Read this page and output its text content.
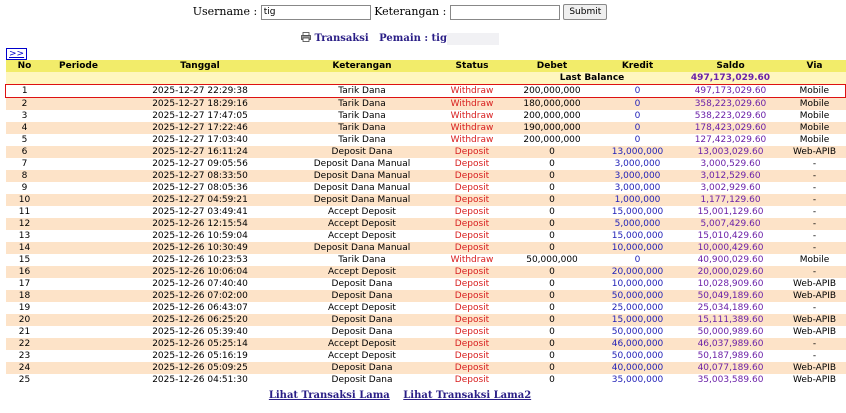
Username : tig	Keterangan :	Submit
Transaksi Pemain : tig
>>
No	Periode	Tanggal	Keterangan	Status	Debet	Kredit	Saldo	Via
					Last Balance		497,173,029.60	
1		2025-12-27 22:29:38	Tarik Dana	Withdraw	200,000,000	0	497,173,029.60	Mobile
2		2025-12-27 18:29:16	Tarik Dana	Withdraw	180,000,000	0	358,223,029.60	Mobile
3		2025-12-27 17:47:05	Tarik Dana	Withdraw	200,000,000	0	538,223,029.60	Mobile
4		2025-12-27 17:22:46	Tarik Dana	Withdraw	190,000,000	0	178,423,029.60	Mobile
5		2025-12-27 17:03:40	Tarik Dana	Withdraw	200,000,000	0	127,423,029.60	Mobile
6		2025-12-27 16:11:24	Deposit Dana	Deposit	0	13,000,000	13,003,029.60	Web-APIB
7		2025-12-27 09:05:56	Deposit Dana Manual	Deposit	0	3,000,000	3,000,529.60	-
8		2025-12-27 08:33:50	Deposit Dana Manual	Deposit	0	3,000,000	3,012,529.60	-
9		2025-12-27 08:05:36	Deposit Dana Manual	Deposit	0	3,000,000	3,002,929.60	-
10		2025-12-27 04:59:21	Deposit Dana Manual	Deposit	0	1,000,000	1,177,129.60	-
11		2025-12-27 03:49:41	Accept Deposit	Deposit	0	15,000,000	15,001,129.60	-
12		2025-12-26 12:15:54	Accept Deposit	Deposit	0	5,000,000	5,007,429.60	-
13		2025-12-26 10:59:04	Accept Deposit	Deposit	0	15,000,000	15,010,429.60	-
14		2025-12-26 10:30:49	Deposit Dana Manual	Deposit	0	10,000,000	10,000,429.60	-
15		2025-12-26 10:23:53	Tarik Dana	Withdraw	50,000,000	0	40,900,029.60	Mobile
16		2025-12-26 10:06:04	Accept Deposit	Deposit	0	20,000,000	20,000,029.60	-
17		2025-12-26 07:40:40	Deposit Dana	Deposit	0	10,000,000	10,028,909.60	Web-APIB
18		2025-12-26 07:02:00	Deposit Dana	Deposit	0	50,000,000	50,049,189.60	Web-APIB
19		2025-12-26 06:43:07	Accept Deposit	Deposit	0	25,000,000	25,034,189.60	-
20		2025-12-26 06:25:20	Deposit Dana	Deposit	0	15,000,000	15,111,389.60	Web-APIB
21		2025-12-26 05:39:40	Deposit Dana	Deposit	0	50,000,000	50,000,989.60	Web-APIB
22		2025-12-26 05:25:14	Accept Deposit	Deposit	0	46,000,000	46,037,989.60	-
23		2025-12-26 05:16:19	Accept Deposit	Deposit	0	50,000,000	50,187,989.60	-
24		2025-12-26 05:09:25	Deposit Dana	Deposit	0	40,000,000	40,077,189.60	Web-APIB
25		2025-12-26 04:51:30	Deposit Dana	Deposit	0	35,000,000	35,003,589.60	Web-APIB
Lihat Transaksi Lama Lihat Transaksi Lama2
